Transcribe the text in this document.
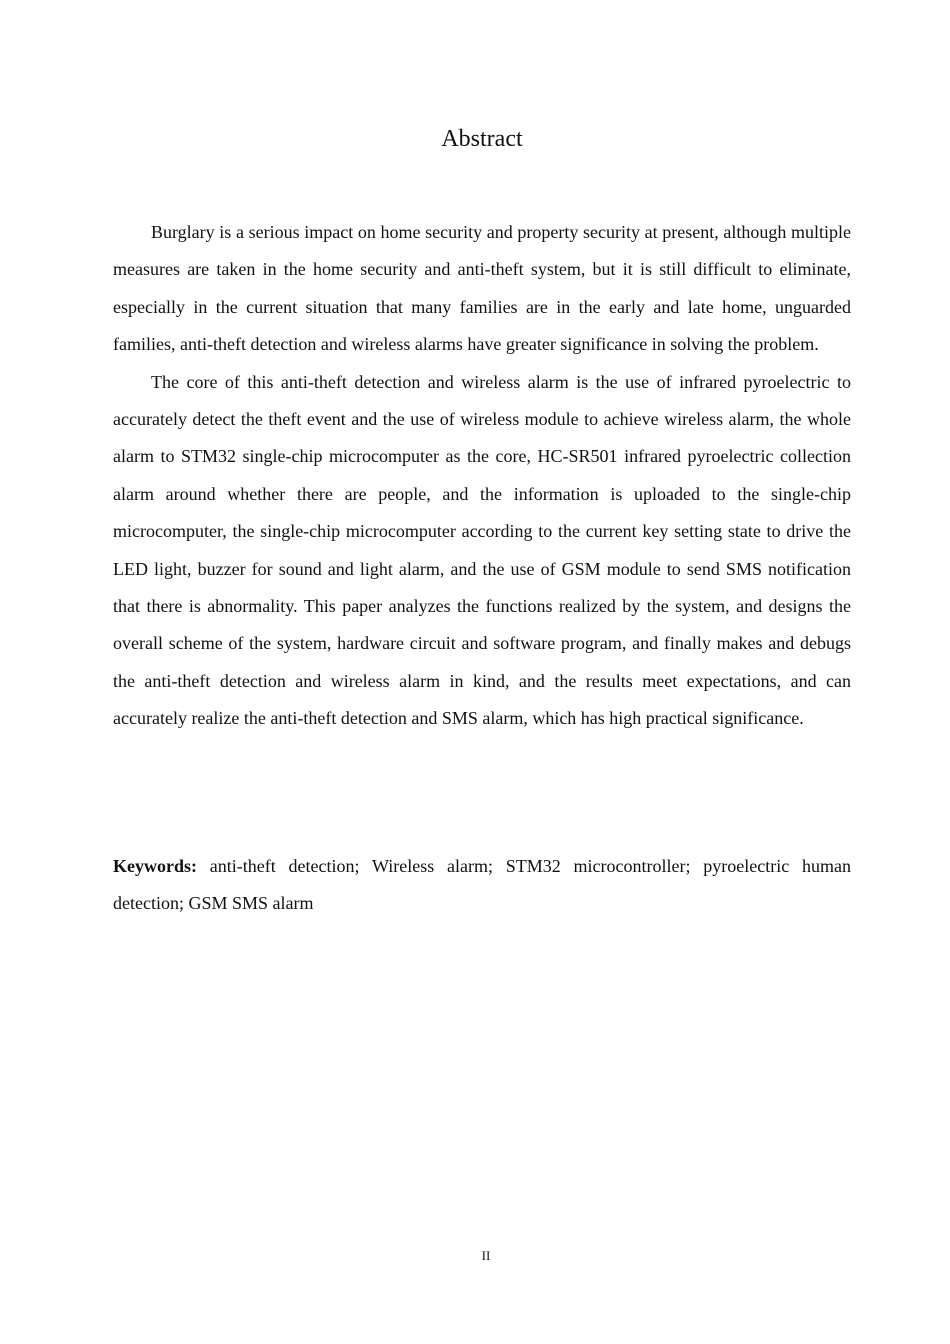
Abstract

Burglary is a serious impact on home security and property security at present, although multiple measures are taken in the home security and anti-theft system, but it is still difficult to eliminate, especially in the current situation that many families are in the early and late home, unguarded families, anti-theft detection and wireless alarms have greater significance in solving the problem.

The core of this anti-theft detection and wireless alarm is the use of infrared pyroelectric to accurately detect the theft event and the use of wireless module to achieve wireless alarm, the whole alarm to STM32 single-chip microcomputer as the core, HC-SR501 infrared pyroelectric collection alarm around whether there are people, and the information is uploaded to the single-chip microcomputer, the single-chip microcomputer according to the current key setting state to drive the LED light, buzzer for sound and light alarm, and the use of GSM module to send SMS notification that there is abnormality. This paper analyzes the functions realized by the system, and designs the overall scheme of the system, hardware circuit and software program, and finally makes and debugs the anti-theft detection and wireless alarm in kind, and the results meet expectations, and can accurately realize the anti-theft detection and SMS alarm, which has high practical significance.

Keywords: anti-theft detection; Wireless alarm; STM32 microcontroller; pyroelectric human detection; GSM SMS alarm

II
